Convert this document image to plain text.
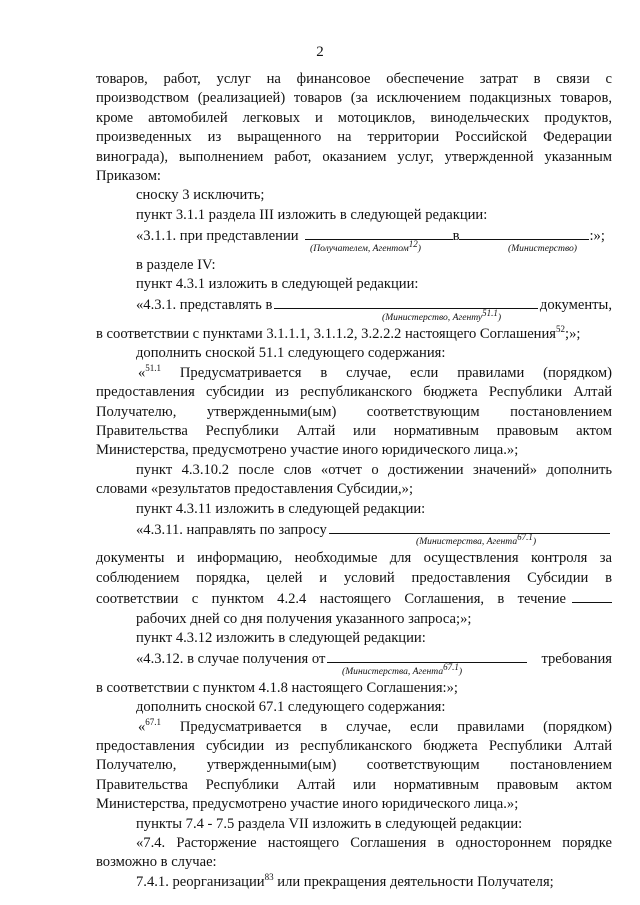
2
товаров, работ, услуг на финансовое обеспечение затрат в связи с
производством (реализацией) товаров (за исключением подакцизных товаров,
кроме автомобилей легковых и мотоциклов, винодельческих продуктов,
произведенных из выращенного на территории Российской Федерации
винограда), выполнением работ, оказанием услуг, утвержденной указанным
Приказом:
сноску 3 исключить;
пункт 3.1.1 раздела III изложить в следующей редакции:
«3.1.1. при представлении	в	:»;
(Получателем, Агентом$^{12}$)	(Министерство)
в разделе IV:
пункт 4.3.1 изложить в следующей редакции:
«4.3.1. представлять в	документы,
(Министерство, Агенту$^{51.1}$)
в соответствии с пунктами 3.1.1.1, 3.1.1.2, 3.2.2.2 настоящего Соглашения$^{52}$;»;
дополнить сноской 51.1 следующего содержания:
«$^{51.1}$ Предусматривается в случае, если правилами (порядком)
предоставления субсидии из республиканского бюджета Республики Алтай
Получателю, утвержденными(ым) соответствующим постановлением
Правительства Республики Алтай или нормативным правовым актом
Министерства, предусмотрено участие иного юридического лица.»;
пункт 4.3.10.2 после слов «отчет о достижении значений» дополнить
словами «результатов предоставления Субсидии,»;
пункт 4.3.11 изложить в следующей редакции:
«4.3.11. направлять по запросу
(Министерства, Агента$^{67.1}$)
документы и информацию, необходимые для осуществления контроля за
соблюдением порядка, целей и условий предоставления Субсидии в
соответствии с пунктом 4.2.4 настоящего Соглашения, в течение
рабочих дней со дня получения указанного запроса;»;
пункт 4.3.12 изложить в следующей редакции:
«4.3.12. в случае получения от	требования
(Министерства, Агента$^{67.1}$)
в соответствии с пунктом 4.1.8 настоящего Соглашения:»;
дополнить сноской 67.1 следующего содержания:
«$^{67.1}$ Предусматривается в случае, если правилами (порядком)
предоставления субсидии из республиканского бюджета Республики Алтай
Получателю, утвержденными(ым) соответствующим постановлением
Правительства Республики Алтай или нормативным правовым актом
Министерства, предусмотрено участие иного юридического лица.»;
пункты 7.4 - 7.5 раздела VII изложить в следующей редакции:
«7.4. Расторжение настоящего Соглашения в одностороннем порядке
возможно в случае:
7.4.1. реорганизации$^{83}$ или прекращения деятельности Получателя;
